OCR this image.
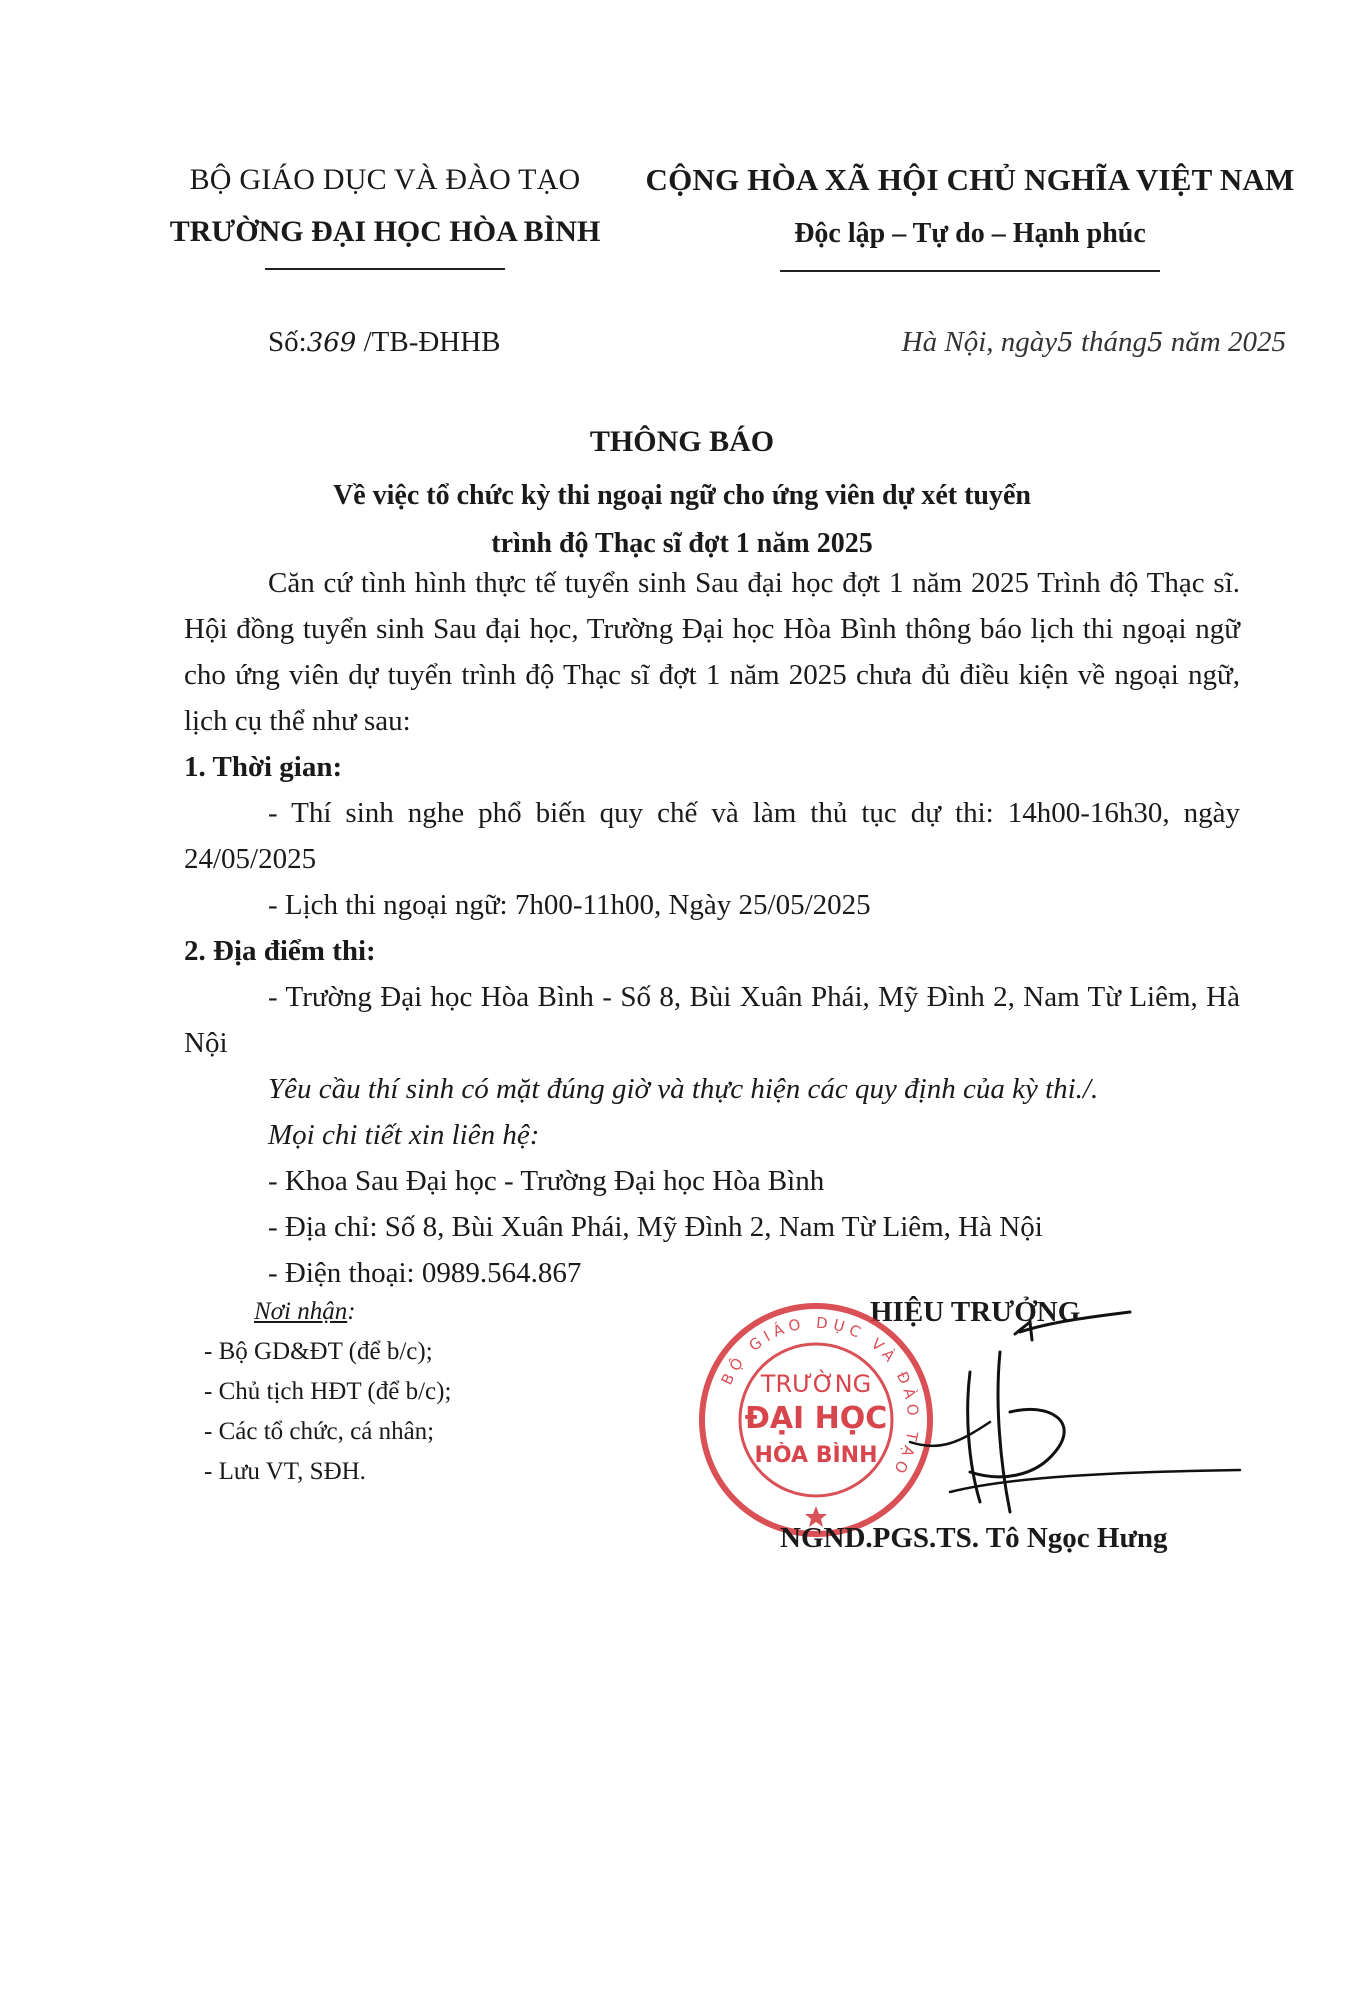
BỘ GIÁO DỤC VÀ ĐÀO TẠO
TRƯỜNG ĐẠI HỌC HÒA BÌNH
CỘNG HÒA XÃ HỘI CHỦ NGHĨA VIỆT NAM
Độc lập – Tự do – Hạnh phúc
Số:369 /TB-ĐHHB	Hà Nội, ngày5 tháng5 năm 2025
THÔNG BÁO
Về việc tổ chức kỳ thi ngoại ngữ cho ứng viên dự xét tuyển
trình độ Thạc sĩ đợt 1 năm 2025

Căn cứ tình hình thực tế tuyển sinh Sau đại học đợt 1 năm 2025 Trình độ Thạc sĩ. Hội đồng tuyển sinh Sau đại học, Trường Đại học Hòa Bình thông báo lịch thi ngoại ngữ cho ứng viên dự tuyển trình độ Thạc sĩ đợt 1 năm 2025 chưa đủ điều kiện về ngoại ngữ, lịch cụ thể như sau:

1. Thời gian:

- Thí sinh nghe phổ biến quy chế và làm thủ tục dự thi: 14h00-16h30, ngày 24/05/2025

- Lịch thi ngoại ngữ: 7h00-11h00, Ngày 25/05/2025

2. Địa điểm thi:

- Trường Đại học Hòa Bình - Số 8, Bùi Xuân Phái, Mỹ Đình 2, Nam Từ Liêm, Hà Nội

Yêu cầu thí sinh có mặt đúng giờ và thực hiện các quy định của kỳ thi./.

Mọi chi tiết xin liên hệ:

- Khoa Sau Đại học - Trường Đại học Hòa Bình

- Địa chỉ: Số 8, Bùi Xuân Phái, Mỹ Đình 2, Nam Từ Liêm, Hà Nội

- Điện thoại: 0989.564.867

Nơi nhận:
- Bộ GD&ĐT (để b/c);
- Chủ tịch HĐT (để b/c);
- Các tổ chức, cá nhân;
- Lưu VT, SĐH.
HIỆU TRƯỞNG
BỘ GIÁO DỤC VÀ ĐÀO TẠO
TRƯỜNG
ĐẠI HỌC
HÒA BÌNH
NGND.PGS.TS. Tô Ngọc Hưng
